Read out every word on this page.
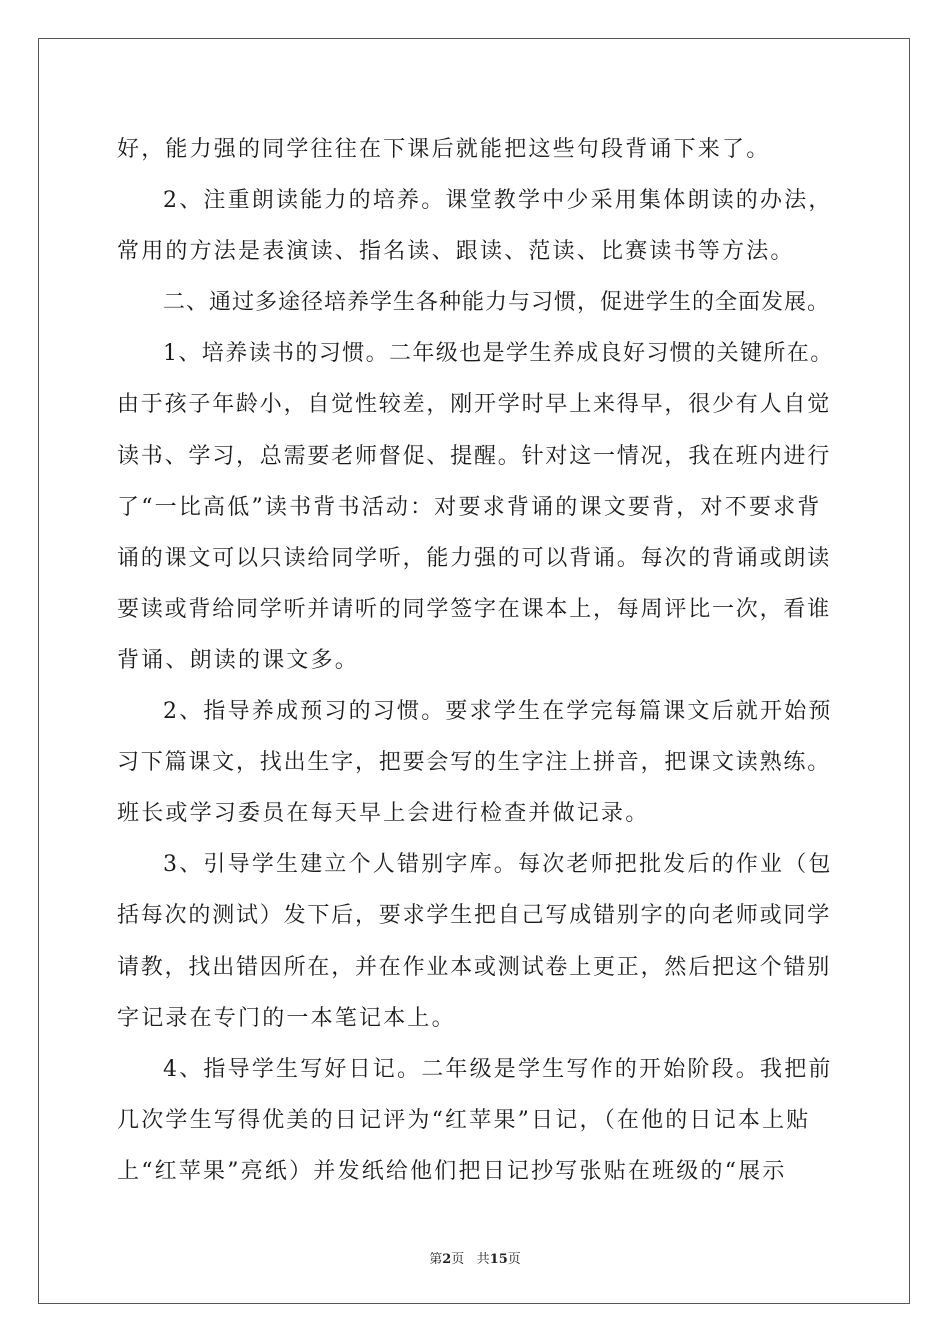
好，能力强的同学往往在下课后就能把这些句段背诵下来了。
2、注重朗读能力的培养。课堂教学中少采用集体朗读的办法，
常用的方法是表演读、指名读、跟读、范读、比赛读书等方法。
二、通过多途径培养学生各种能力与习惯，促进学生的全面发展。
1、培养读书的习惯。二年级也是学生养成良好习惯的关键所在。
由于孩子年龄小，自觉性较差，刚开学时早上来得早，很少有人自觉
读书、学习，总需要老师督促、提醒。针对这一情况，我在班内进行
了“一比高低”读书背书活动：对要求背诵的课文要背，对不要求背
诵的课文可以只读给同学听，能力强的可以背诵。每次的背诵或朗读
要读或背给同学听并请听的同学签字在课本上，每周评比一次，看谁
背诵、朗读的课文多。
2、指导养成预习的习惯。要求学生在学完每篇课文后就开始预
习下篇课文，找出生字，把要会写的生字注上拼音，把课文读熟练。
班长或学习委员在每天早上会进行检查并做记录。
3、引导学生建立个人错别字库。每次老师把批发后的作业（包
括每次的测试）发下后，要求学生把自己写成错别字的向老师或同学
请教，找出错因所在，并在作业本或测试卷上更正，然后把这个错别
字记录在专门的一本笔记本上。
4、指导学生写好日记。二年级是学生写作的开始阶段。我把前
几次学生写得优美的日记评为“红苹果”日记，（在他的日记本上贴
上“红苹果”亮纸）并发纸给他们把日记抄写张贴在班级的“展示
第2页 共15页
